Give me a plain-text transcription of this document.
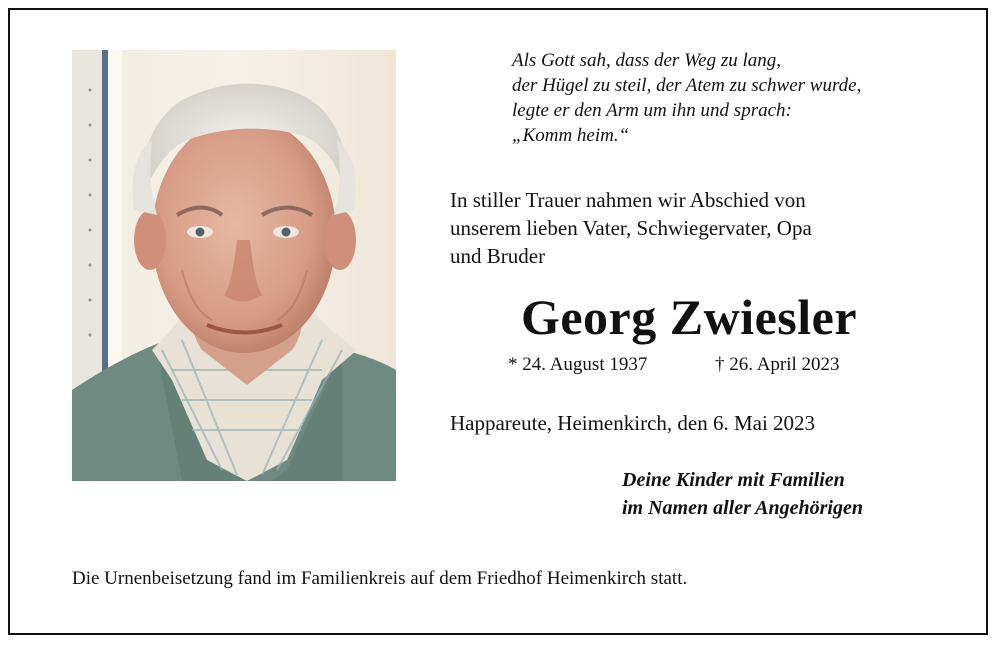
Als Gott sah, dass der Weg zu lang,
der Hügel zu steil, der Atem zu schwer wurde,
legte er den Arm um ihn und sprach:
„Komm heim.“
In stiller Trauer nahmen wir Abschied von
unserem lieben Vater, Schwiegervater, Opa
und Bruder
Georg Zwiesler
* 24. August 1937	† 26. April 2023
Happareute, Heimenkirch, den 6. Mai 2023
Deine Kinder mit Familien
im Namen aller Angehörigen
Die Urnenbeisetzung fand im Familienkreis auf dem Friedhof Heimenkirch statt.
